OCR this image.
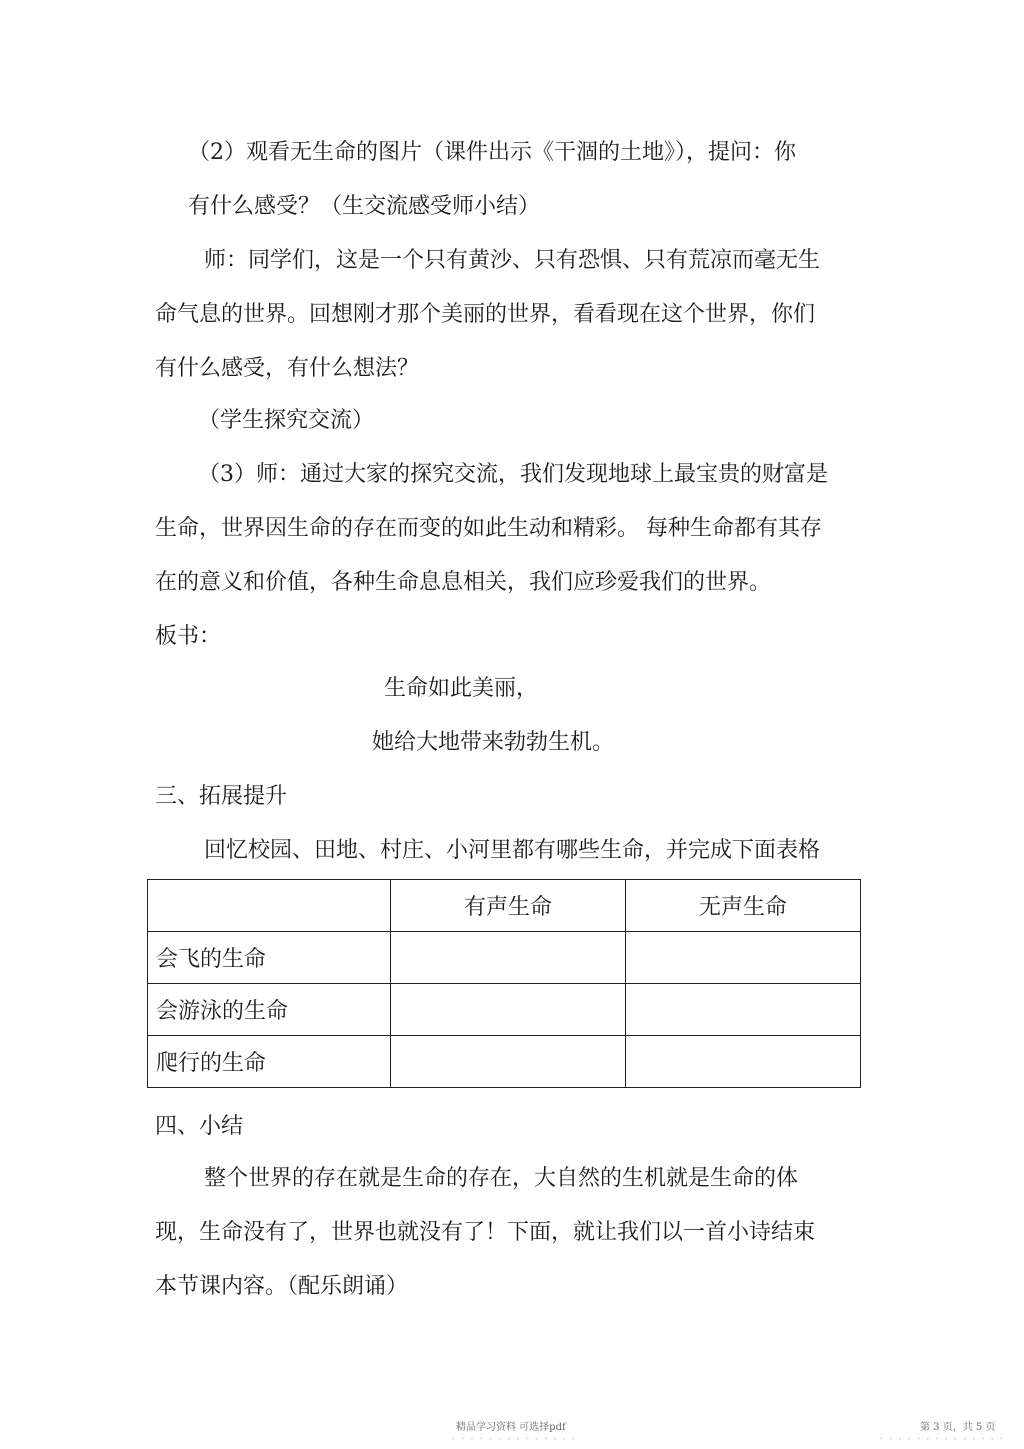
（2）观看无生命的图片（课件出示《干涸的土地》），提问：你
有什么感受？（生交流感受师小结）
师：同学们，这是一个只有黄沙、只有恐惧、只有荒凉而毫无生
命气息的世界。回想刚才那个美丽的世界，看看现在这个世界，你们
有什么感受，有什么想法？
（学生探究交流）
（3）师：通过大家的探究交流，我们发现地球上最宝贵的财富是
生命，世界因生命的存在而变的如此生动和精彩。 每种生命都有其存
在的意义和价值，各种生命息息相关，我们应珍爱我们的世界。
板书：
生命如此美丽，
她给大地带来勃勃生机。
三、拓展提升
回忆校园、田地、村庄、小河里都有哪些生命，并完成下面表格
	有声生命	无声生命
会飞的生命		
会游泳的生命		
爬行的生命		
四、小结
整个世界的存在就是生命的存在，大自然的生机就是生命的体
现，生命没有了，世界也就没有了！下面，就让我们以一首小诗结束
本节课内容。（配乐朗诵）
精品学习资料 可选择pdf	第 3 页，共 5 页
- - - - - - - - - - - - - -	- - - - - - - - - - - - - -
